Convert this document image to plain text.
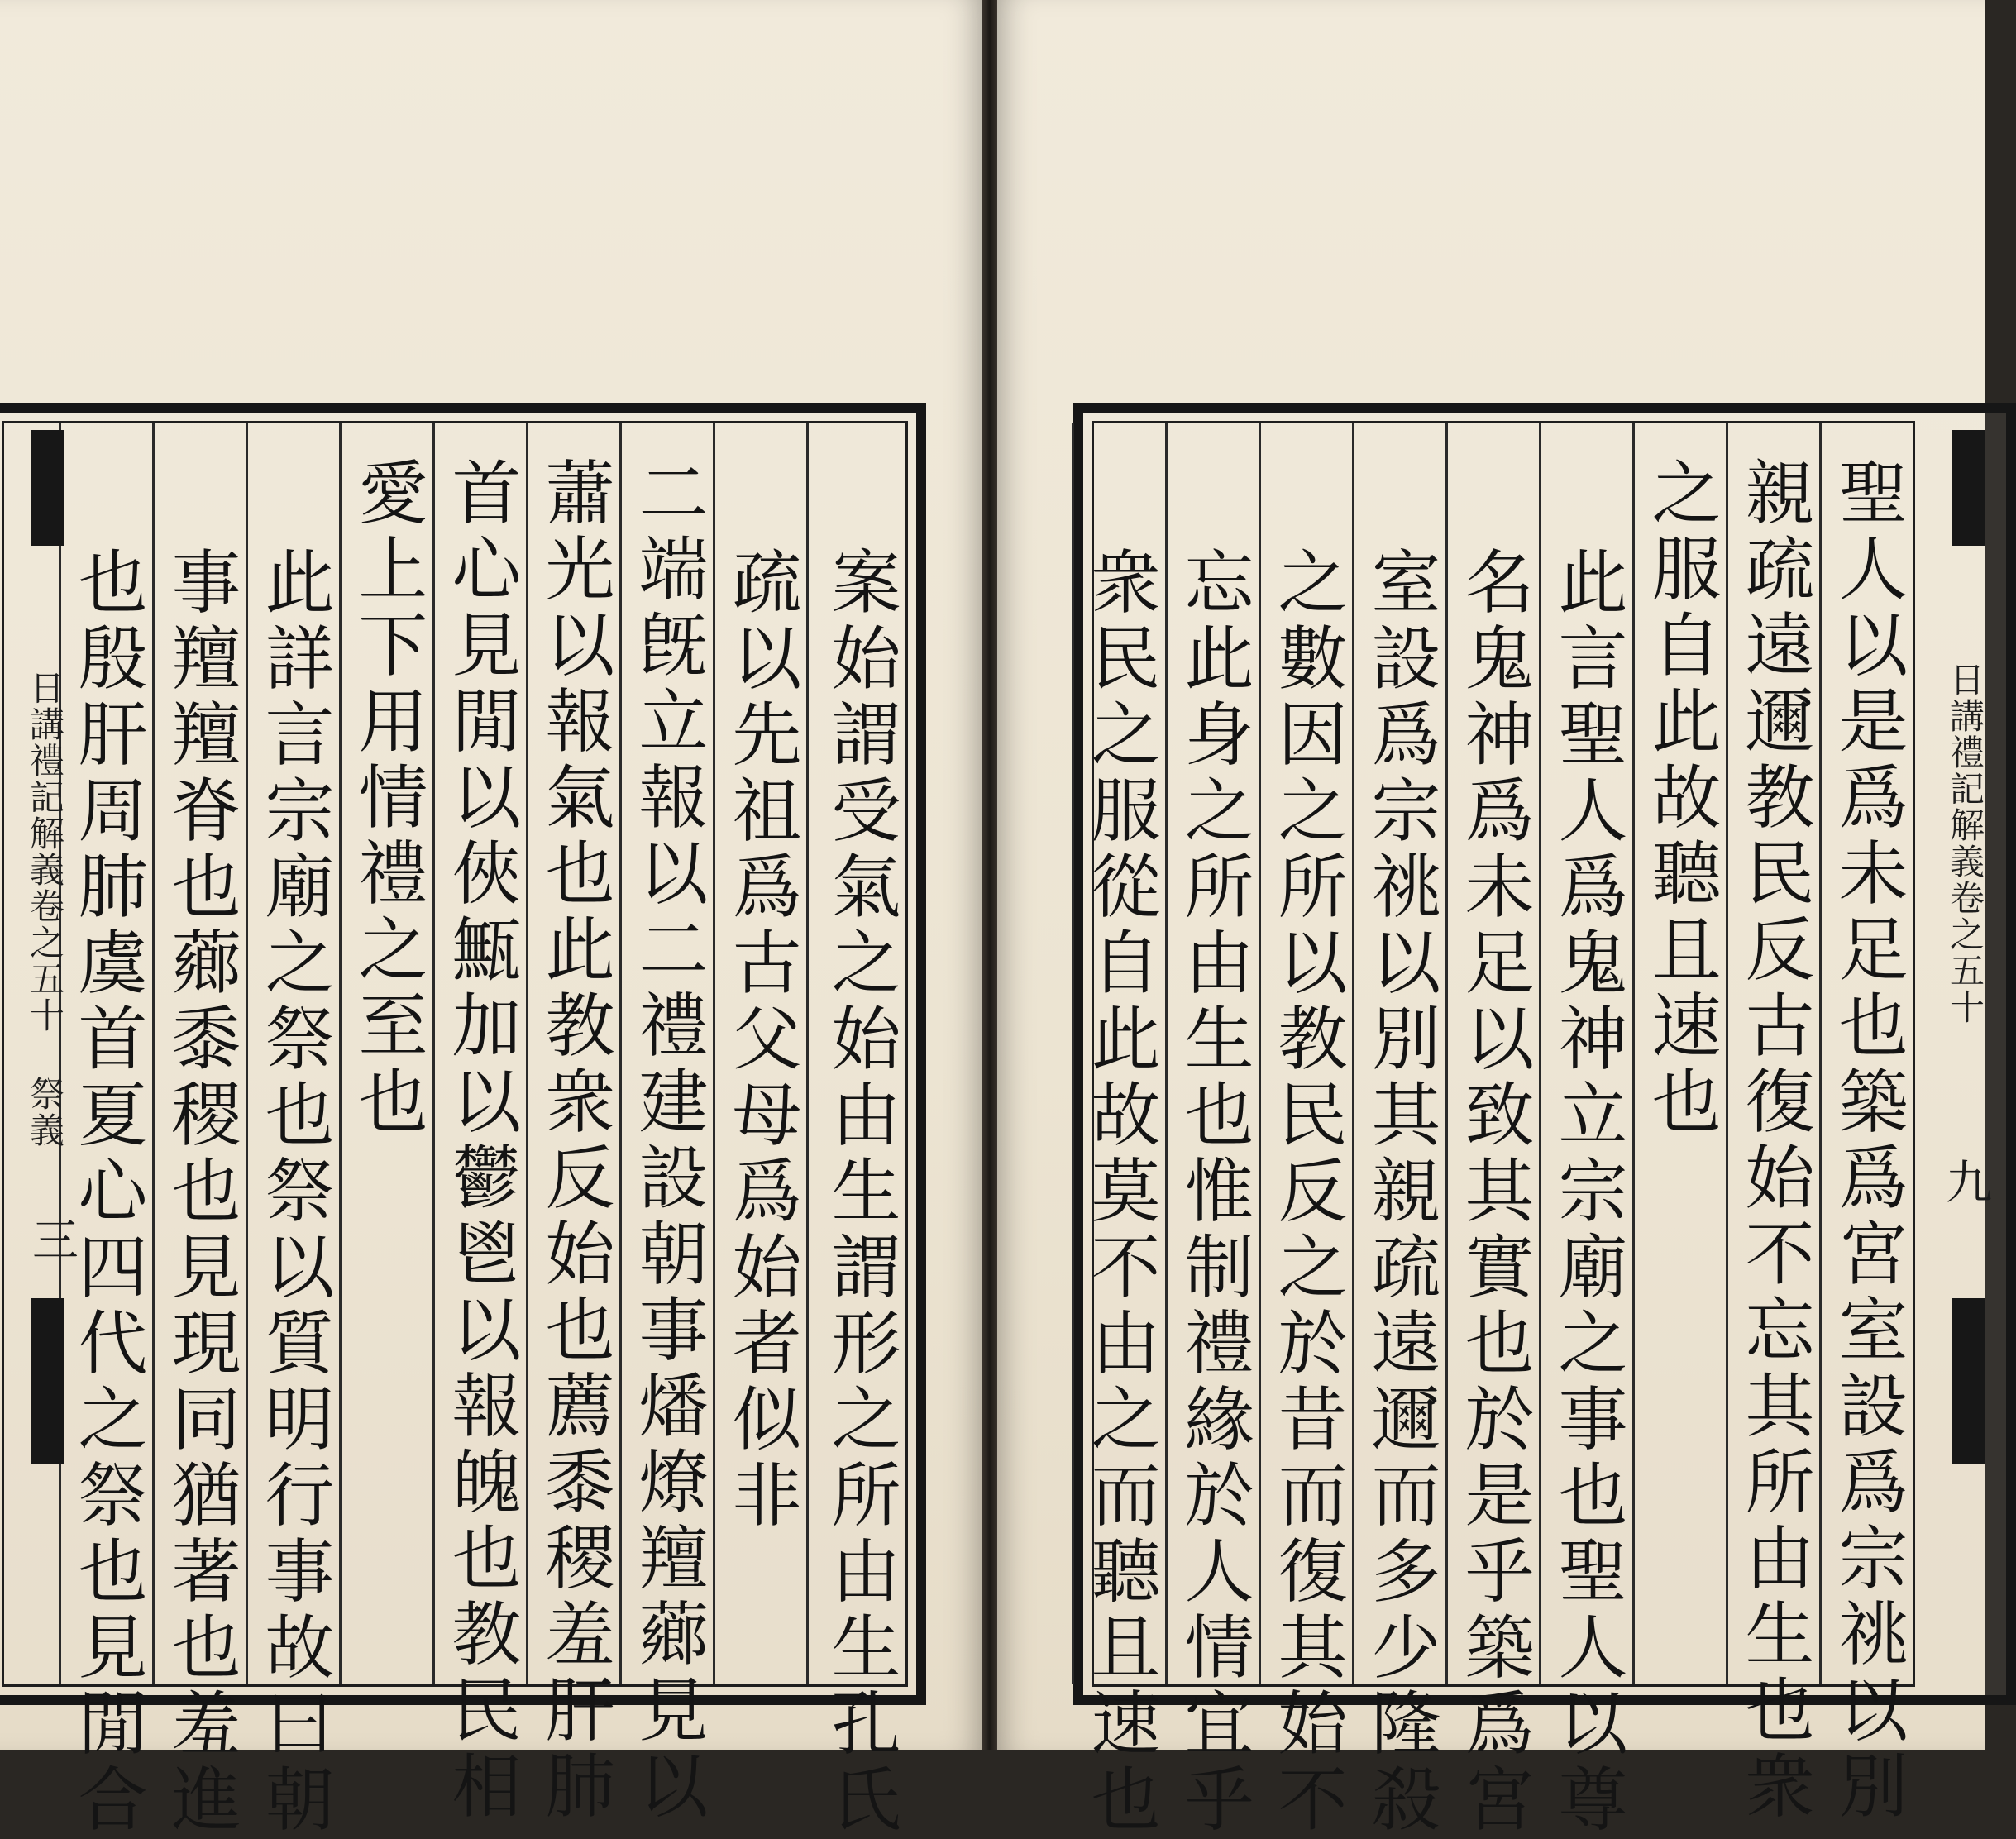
案始謂受氣之始由生謂形之所由生孔氏
疏以先祖爲古父母爲始者似非
二端旣立報以二禮建設朝事燔燎羶薌見以
蕭光以報氣也此教衆反始也薦黍稷羞肝肺
首心見閒以俠甒加以鬱鬯以報魄也教民相
愛上下用情禮之至也
此詳言宗廟之祭也祭以質明行事故曰朝
事羶羶脊也薌黍稷也見現同猶著也羞進
也殷肝周肺虞首夏心四代之祭也見閒合
日講禮記解義卷之五十 祭義
三	聖人以是爲未足也築爲宮室設爲宗祧以別
親疏遠邇教民反古復始不忘其所由生也衆
之服自此故聽且速也
此言聖人爲鬼神立宗廟之事也聖人以尊
名鬼神爲未足以致其實也於是乎築爲宮
室設爲宗祧以別其親疏遠邇而多少隆殺
之數因之所以教民反之於昔而復其始不
忘此身之所由生也惟制禮緣於人情宜乎
衆民之服從自此故莫不由之而聽且速也	日講禮記解義卷之五十
九
